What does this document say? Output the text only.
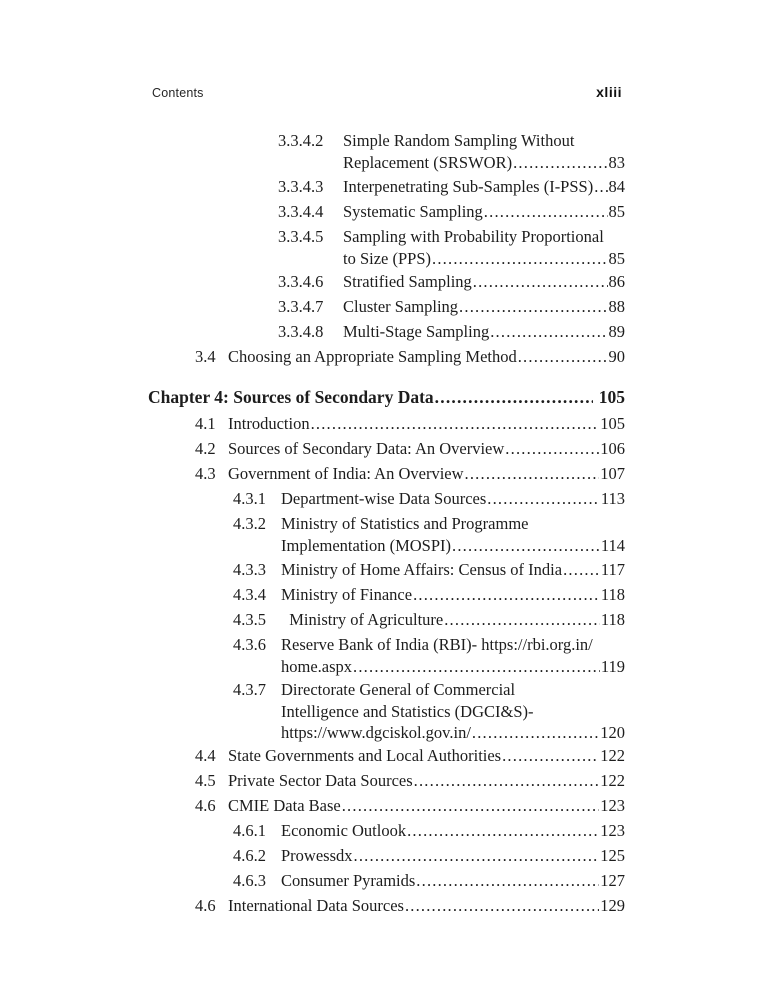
Contents	xliii
3.3.4.2	Simple Random Sampling Without
Replacement (SRSWOR) .....	83
3.3.4.3	Interpenetrating Sub-Samples (I-PSS) ..... 84
3.3.4.4	Systematic Sampling .....	85
3.3.4.5	Sampling with Probability Proportional
to Size (PPS) .....	85
3.3.4.6	Stratified Sampling .....	86
3.3.4.7	Cluster Sampling .....	88
3.3.4.8	Multi-Stage Sampling .....	89
3.4 Choosing an Appropriate Sampling Method .....	90
Chapter 4: Sources of Secondary Data .....	105
4.1 Introduction .....	105
4.2 Sources of Secondary Data: An Overview .....	106
4.3 Government of India: An Overview .....	107
4.3.1 Department-wise Data Sources .....	113
4.3.2 Ministry of Statistics and Programme
Implementation (MOSPI) .....	114
4.3.3 Ministry of Home Affairs: Census of India ..... 117
4.3.4 Ministry of Finance .....	118
4.3.5  Ministry of Agriculture .....	118
4.3.6 Reserve Bank of India (RBI)- https://rbi.org.in/
home.aspx .....	119
4.3.7 Directorate General of Commercial
Intelligence and Statistics (DGCI&S)-
https://www.dgciskol.gov.in/ .....	120
4.4 State Governments and Local Authorities .....	122
4.5 Private Sector Data Sources .....	122
4.6 CMIE Data Base .....	123
4.6.1 Economic Outlook .....	123
4.6.2 Prowessdx .....	125
4.6.3 Consumer Pyramids .....	127
4.6 International Data Sources .....	129
